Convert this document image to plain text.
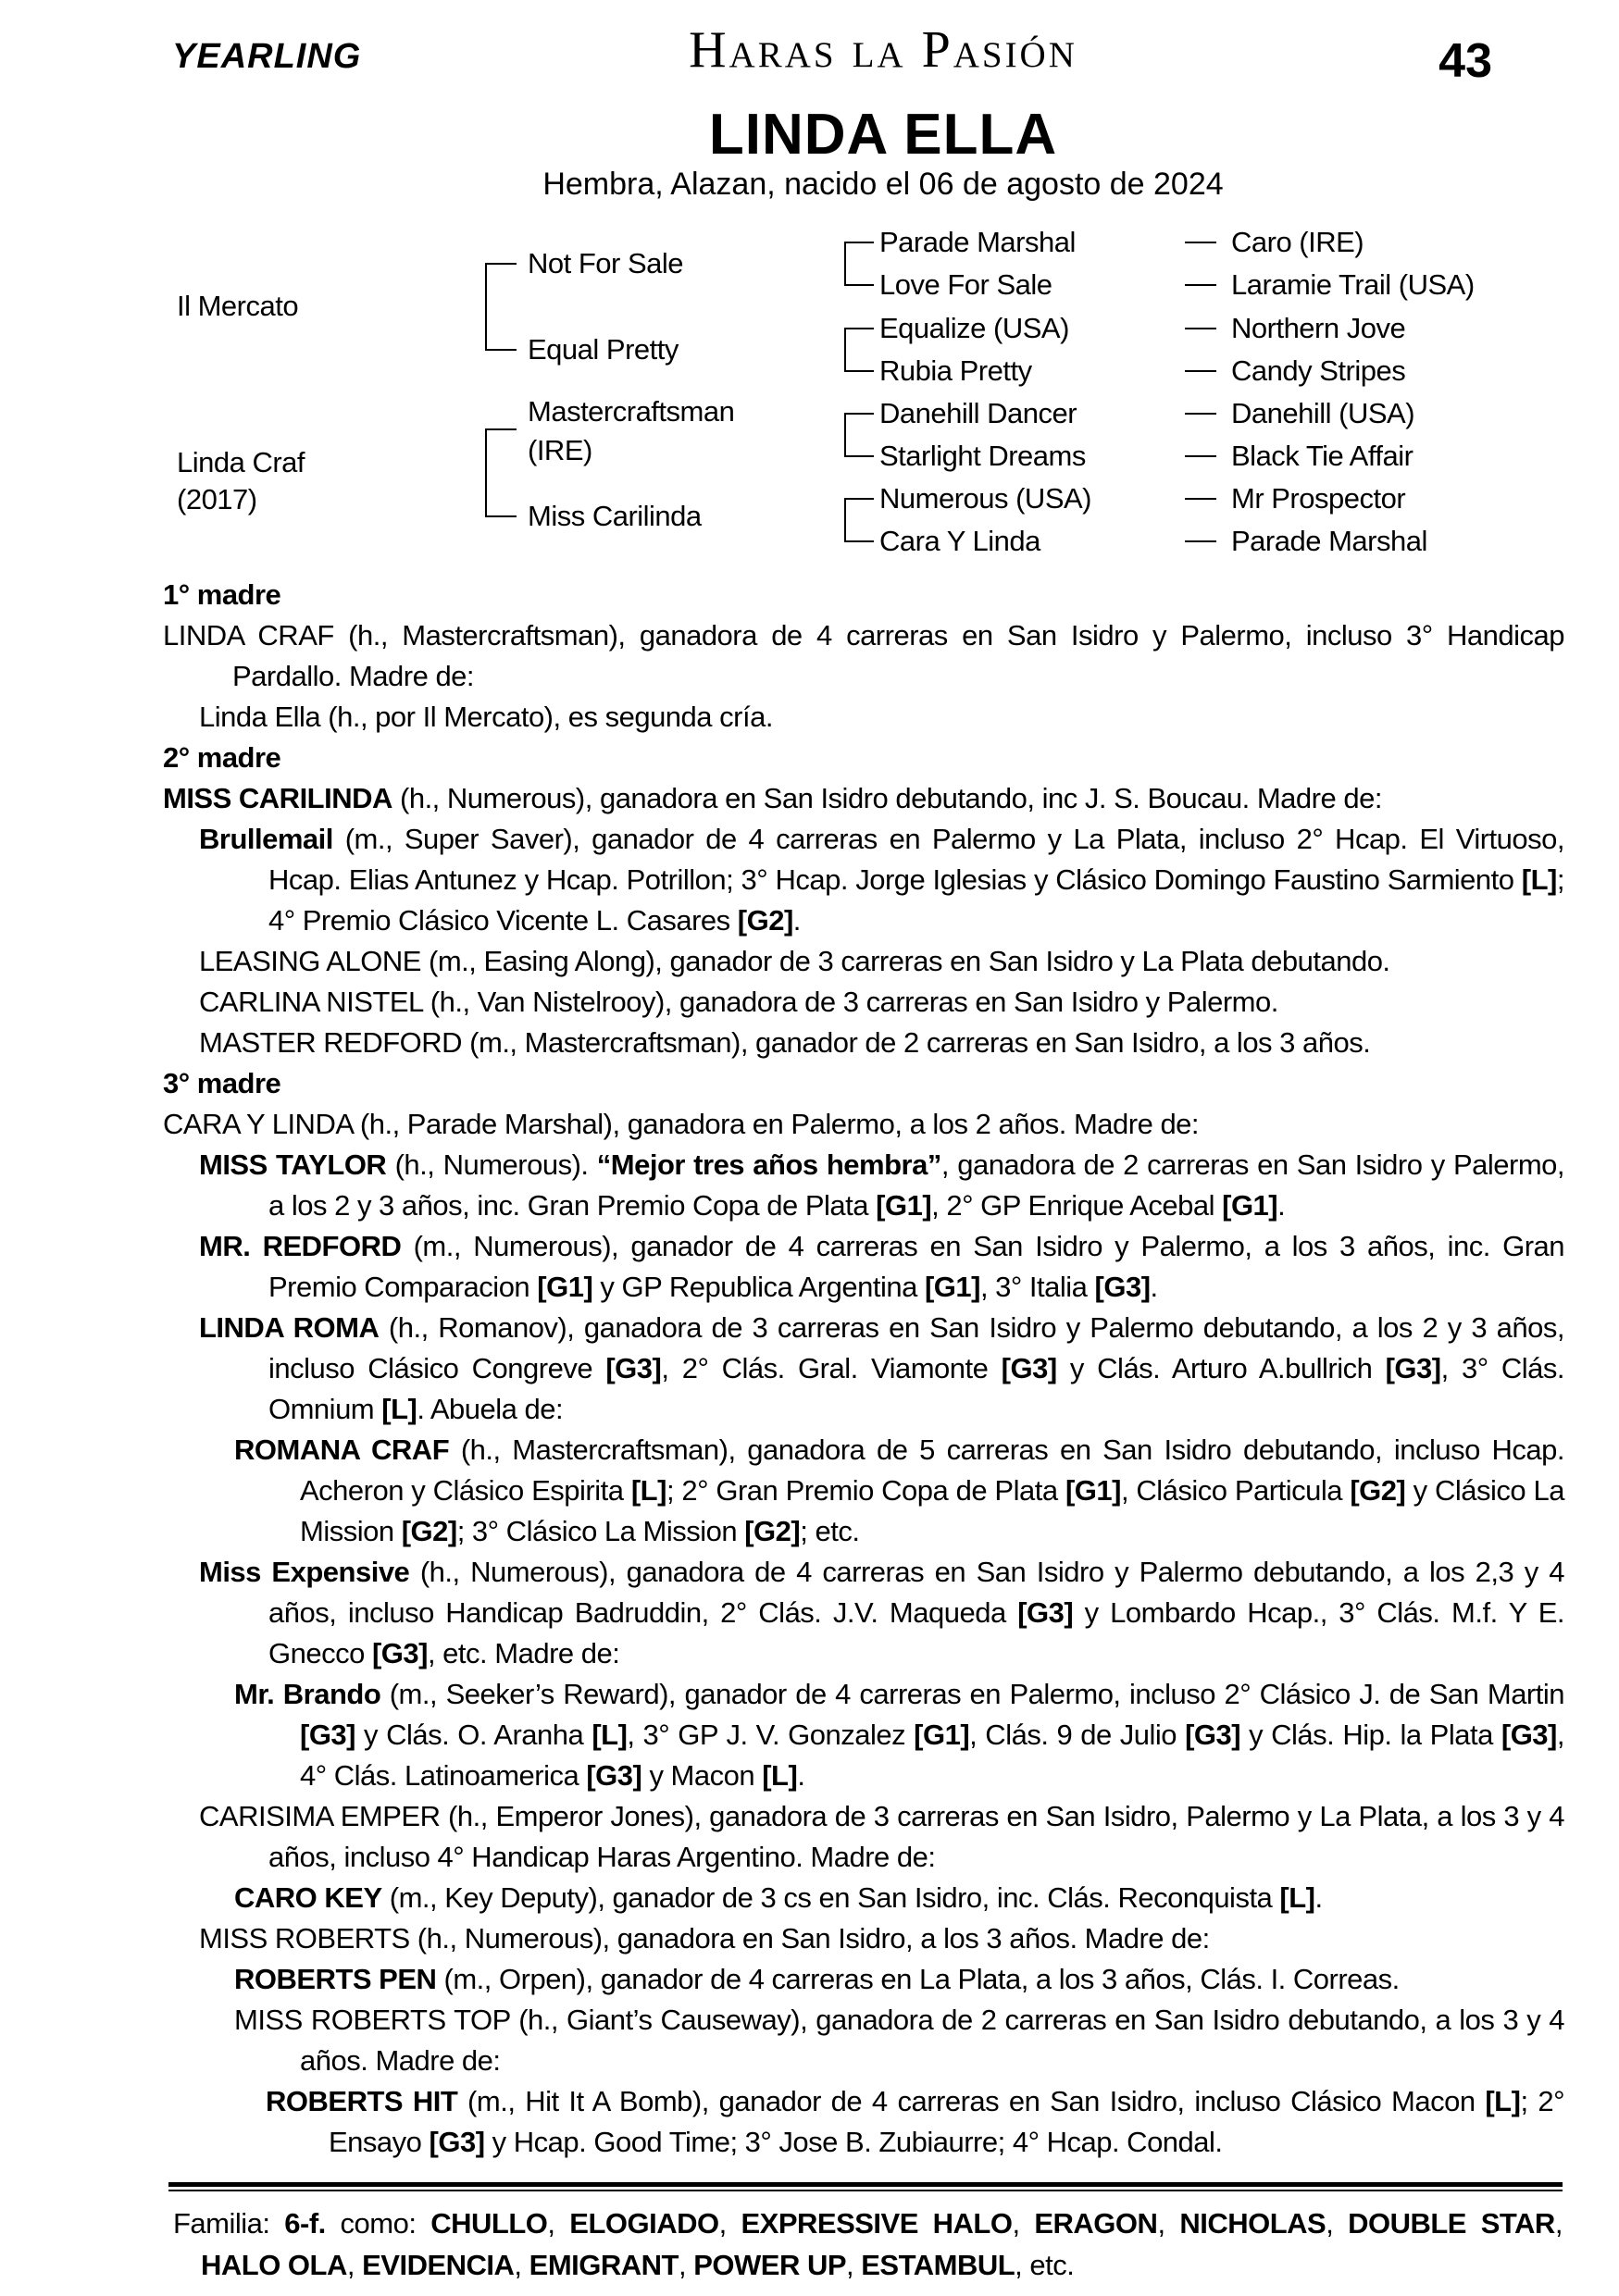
YEARLING	Haras la Pasión	43
LINDA ELLA
Hembra, Alazan, nacido el 06 de agosto de 2024
Il Mercato
Linda Craf
(2017)
Not For Sale
Equal Pretty
Mastercraftsman
(IRE)
Miss Carilinda
Parade Marshal
Love For Sale
Equalize (USA)
Rubia Pretty
Danehill Dancer
Starlight Dreams
Numerous (USA)
Cara Y Linda
Caro (IRE)
Laramie Trail (USA)
Northern Jove
Candy Stripes
Danehill (USA)
Black Tie Affair
Mr Prospector
Parade Marshal
1° madre
LINDA CRAF (h., Mastercraftsman), ganadora de 4 carreras en San Isidro y Palermo, incluso 3° Handicap Pardallo. Madre de:
Linda Ella (h., por Il Mercato), es segunda cría.
2° madre
MISS CARILINDA (h., Numerous), ganadora en San Isidro debutando, inc J. S. Boucau. Madre de:
Brullemail (m., Super Saver), ganador de 4 carreras en Palermo y La Plata, incluso 2° Hcap. El Virtuoso, Hcap. Elias Antunez y Hcap. Potrillon; 3° Hcap. Jorge Iglesias y Clásico Domingo Faustino Sarmiento [L]; 4° Premio Clásico Vicente L. Casares [G2].
LEASING ALONE (m., Easing Along), ganador de 3 carreras en San Isidro y La Plata debutando.
CARLINA NISTEL (h., Van Nistelrooy), ganadora de 3 carreras en San Isidro y Palermo.
MASTER REDFORD (m., Mastercraftsman), ganador de 2 carreras en San Isidro, a los 3 años.
3° madre
CARA Y LINDA (h., Parade Marshal), ganadora en Palermo, a los 2 años. Madre de:
MISS TAYLOR (h., Numerous). “Mejor tres años hembra”, ganadora de 2 carreras en San Isidro y Palermo, a los 2 y 3 años, inc. Gran Premio Copa de Plata [G1], 2° GP Enrique Acebal [G1].
MR. REDFORD (m., Numerous), ganador de 4 carreras en San Isidro y Palermo, a los 3 años, inc. Gran Premio Comparacion [G1] y GP Republica Argentina [G1], 3° Italia [G3].
LINDA ROMA (h., Romanov), ganadora de 3 carreras en San Isidro y Palermo debutando, a los 2 y 3 años, incluso Clásico Congreve [G3], 2° Clás. Gral. Viamonte [G3] y Clás. Arturo A.bullrich [G3], 3° Clás. Omnium [L]. Abuela de:
ROMANA CRAF (h., Mastercraftsman), ganadora de 5 carreras en San Isidro debutando, incluso Hcap. Acheron y Clásico Espirita [L]; 2° Gran Premio Copa de Plata [G1], Clásico Particula [G2] y Clásico La Mission [G2]; 3° Clásico La Mission [G2]; etc.
Miss Expensive (h., Numerous), ganadora de 4 carreras en San Isidro y Palermo debutando, a los 2,3 y 4 años, incluso Handicap Badruddin, 2° Clás. J.V. Maqueda [G3] y Lombardo Hcap., 3° Clás. M.f. Y E. Gnecco [G3], etc. Madre de:
Mr. Brando (m., Seeker’s Reward), ganador de 4 carreras en Palermo, incluso 2° Clásico J. de San Martin [G3] y Clás. O. Aranha [L], 3° GP J. V. Gonzalez [G1], Clás. 9 de Julio [G3] y Clás. Hip. la Plata [G3], 4° Clás. Latinoamerica [G3] y Macon [L].
CARISIMA EMPER (h., Emperor Jones), ganadora de 3 carreras en San Isidro, Palermo y La Plata, a los 3 y 4 años, incluso 4° Handicap Haras Argentino. Madre de:
CARO KEY (m., Key Deputy), ganador de 3 cs en San Isidro, inc. Clás. Reconquista [L].
MISS ROBERTS (h., Numerous), ganadora en San Isidro, a los 3 años. Madre de:
ROBERTS PEN (m., Orpen), ganador de 4 carreras en La Plata, a los 3 años, Clás. I. Correas.
MISS ROBERTS TOP (h., Giant’s Causeway), ganadora de 2 carreras en San Isidro debutando, a los 3 y 4 años. Madre de:
ROBERTS HIT (m., Hit It A Bomb), ganador de 4 carreras en San Isidro, incluso Clásico Macon [L]; 2° Ensayo [G3] y Hcap. Good Time; 3° Jose B. Zubiaurre; 4° Hcap. Condal.
Familia: 6-f. como: CHULLO, ELOGIADO, EXPRESSIVE HALO, ERAGON, NICHOLAS, DOUBLE STAR, HALO OLA, EVIDENCIA, EMIGRANT, POWER UP, ESTAMBUL, etc.
